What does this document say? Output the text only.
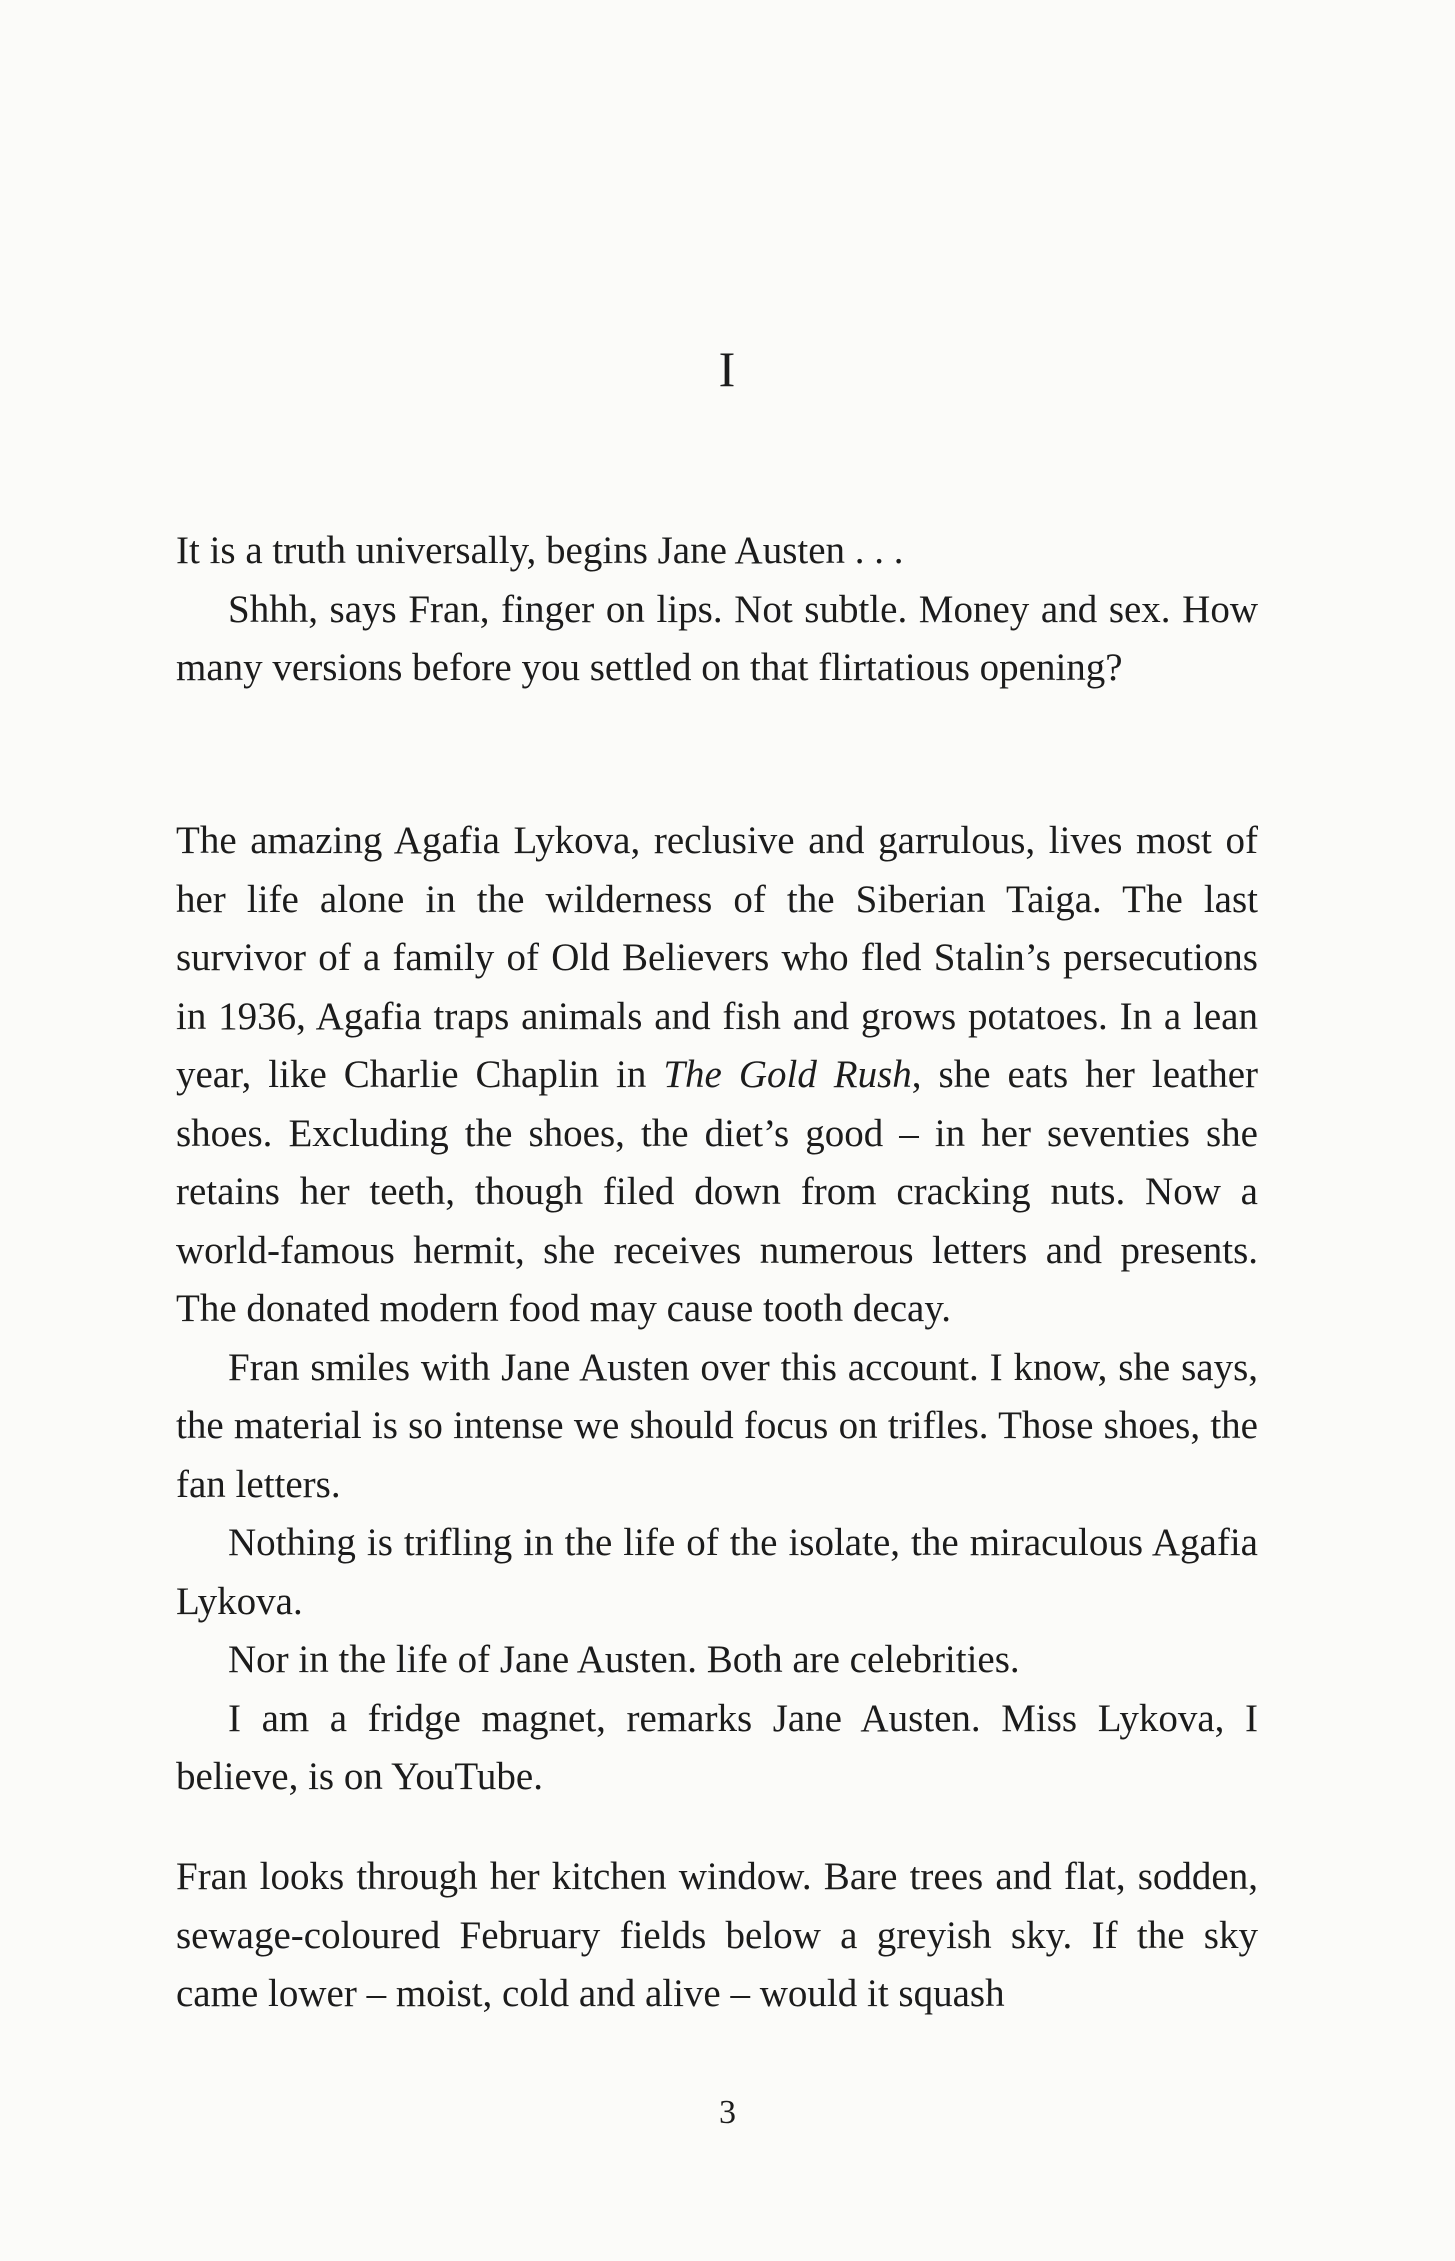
I

It is a truth universally, begins Jane Austen . . .

Shhh, says Fran, finger on lips. Not subtle. Money and sex. How many versions before you settled on that flirtatious opening?

The amazing Agafia Lykova, reclusive and garrulous, lives most of her life alone in the wilderness of the Siberian Taiga. The last survivor of a family of Old Believers who fled Stalin’s persecutions in 1936, Agafia traps animals and fish and grows potatoes. In a lean year, like Charlie Chaplin in The Gold Rush, she eats her leather shoes. Excluding the shoes, the diet’s good – in her seventies she retains her teeth, though filed down from cracking nuts. Now a world-famous hermit, she receives numerous letters and presents. The donated modern food may cause tooth decay.

Fran smiles with Jane Austen over this account. I know, she says, the material is so intense we should focus on trifles. Those shoes, the fan letters.

Nothing is trifling in the life of the isolate, the miraculous Agafia Lykova.

Nor in the life of Jane Austen. Both are celebrities.

I am a fridge magnet, remarks Jane Austen. Miss Lykova, I believe, is on YouTube.

Fran looks through her kitchen window. Bare trees and flat, sodden, sewage-coloured February fields below a greyish sky. If the sky came lower – moist, cold and alive – would it squash

3
